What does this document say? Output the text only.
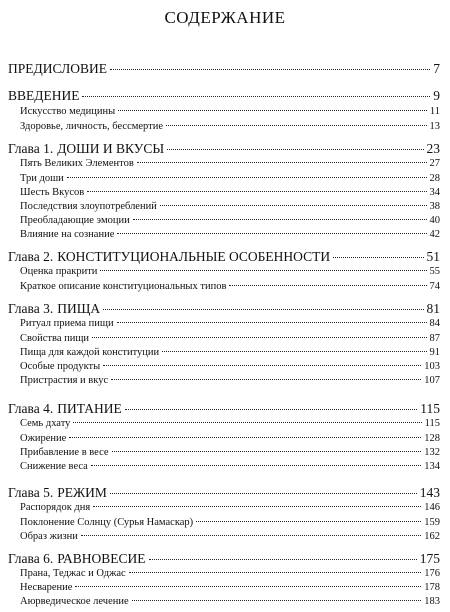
СОДЕРЖАНИЕ
ПРЕДИСЛОВИЕ	7
ВВЕДЕНИЕ	9
Искусство медицины	11
Здоровье, личность, бессмертие	13
Глава 1. ДОШИ И ВКУСЫ	23
Пять Великих Элементов	27
Три доши	28
Шесть Вкусов	34
Последствия злоупотреблений	38
Преобладающие эмоции	40
Влияние на сознание	42
Глава 2. КОНСТИТУЦИОНАЛЬНЫЕ ОСОБЕННОСТИ	51
Оценка пракрити	55
Краткое описание конституциональных типов	74
Глава 3. ПИЩА	81
Ритуал приема пищи	84
Свойства пищи	87
Пища для каждой конституции	91
Особые продукты	103
Пристрастия и вкус	107
Глава 4. ПИТАНИЕ	115
Семь дхату	115
Ожирение	128
Прибавление в весе	132
Снижение веса	134
Глава 5. РЕЖИМ	143
Распорядок дня	146
Поклонение Солнцу (Сурья Намаскар)	159
Образ жизни	162
Глава 6. РАВНОВЕСИЕ	175
Прана, Теджас и Оджас	176
Несварение	178
Аюрведическое лечение	183
